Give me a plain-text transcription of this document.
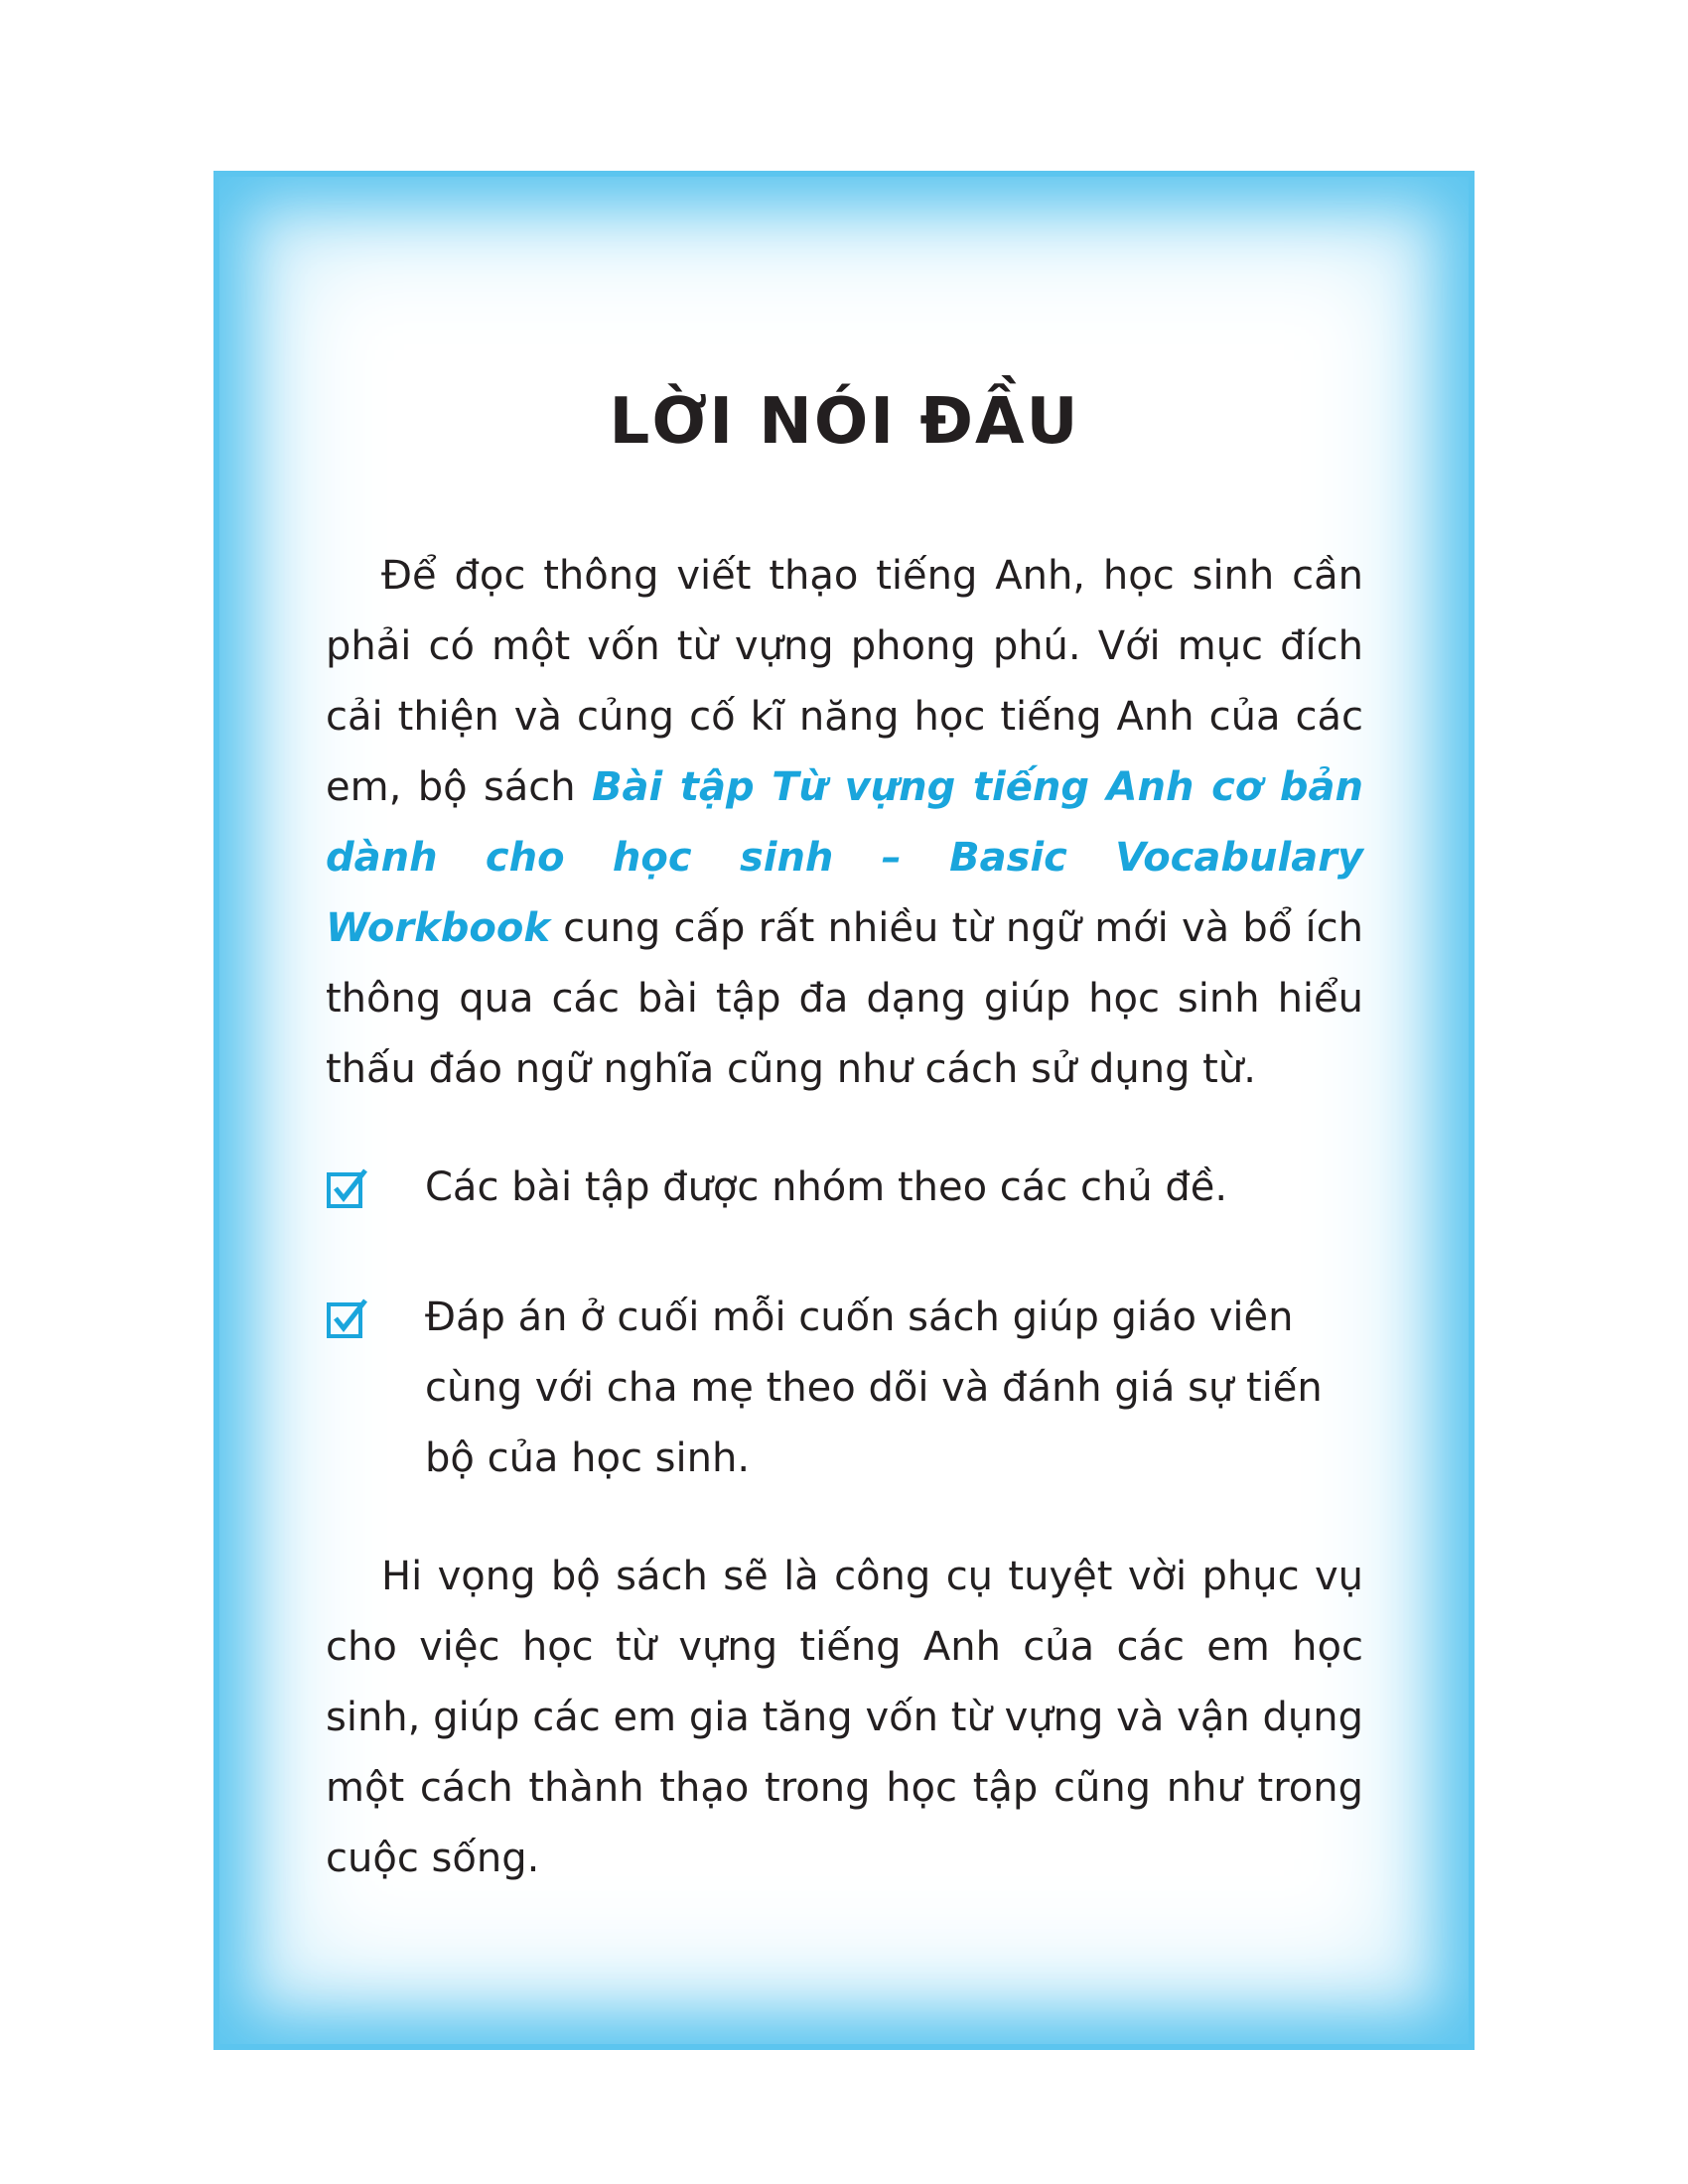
LỜI NÓI ĐẦU

Để đọc thông viết thạo tiếng Anh, học sinh cần phải có một vốn từ vựng phong phú. Với mục đích cải thiện và củng cố kĩ năng học tiếng Anh của các em, bộ sách Bài tập Từ vựng tiếng Anh cơ bản dành cho học sinh – Basic Vocabulary Workbook cung cấp rất nhiều từ ngữ mới và bổ ích thông qua các bài tập đa dạng giúp học sinh hiểu thấu đáo ngữ nghĩa cũng như cách sử dụng từ.

Các bài tập được nhóm theo các chủ đề.

Đáp án ở cuối mỗi cuốn sách giúp giáo viên cùng với cha mẹ theo dõi và đánh giá sự tiến bộ của học sinh.

Hi vọng bộ sách sẽ là công cụ tuyệt vời phục vụ cho việc học từ vựng tiếng Anh của các em học sinh, giúp các em gia tăng vốn từ vựng và vận dụng một cách thành thạo trong học tập cũng như trong cuộc sống.
